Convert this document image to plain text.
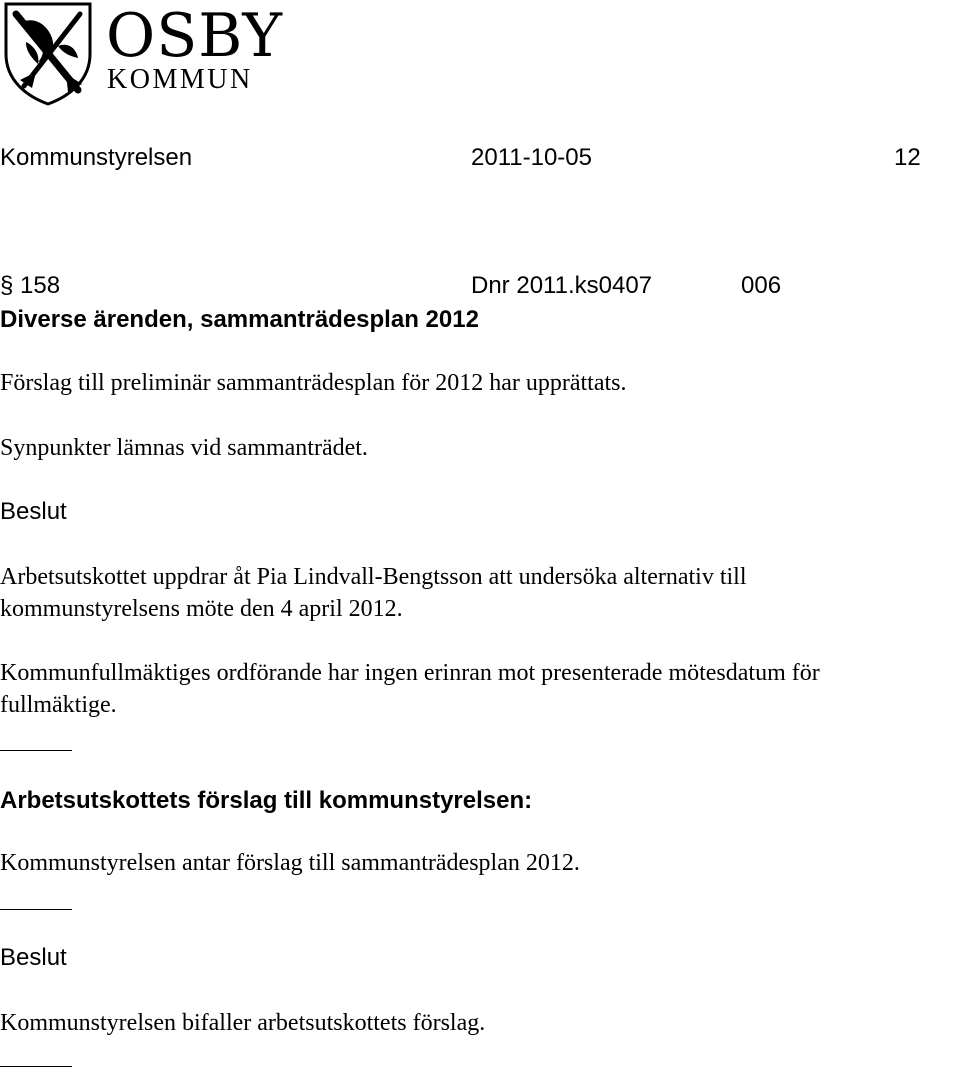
OSBY
KOMMUN
Kommunstyrelsen	2011-10-05	12
§ 158	Dnr 2011.ks0407	006
Diverse ärenden, sammanträdesplan 2012
Förslag till preliminär sammanträdesplan för 2012 har upprättats.
Synpunkter lämnas vid sammanträdet.
Beslut
Arbetsutskottet uppdrar åt Pia Lindvall-Bengtsson att undersöka alternativ till
kommunstyrelsens möte den 4 april 2012.
Kommunfullmäktiges ordförande har ingen erinran mot presenterade mötesdatum för
fullmäktige.
Arbetsutskottets förslag till kommunstyrelsen:
Kommunstyrelsen antar förslag till sammanträdesplan 2012.
Beslut
Kommunstyrelsen bifaller arbetsutskottets förslag.
